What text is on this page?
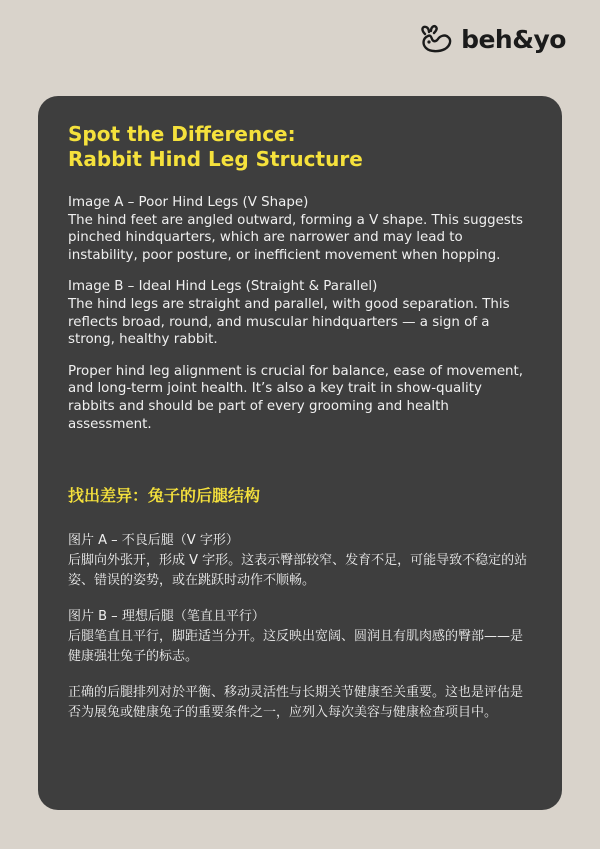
beh&yo
Spot the Difference:
Rabbit Hind Leg Structure

Image A – Poor Hind Legs (V Shape)
The hind feet are angled outward, forming a V shape. This suggests pinched hindquarters, which are narrower and may lead to instability, poor posture, or inefficient movement when hopping.

Image B – Ideal Hind Legs (Straight & Parallel)
The hind legs are straight and parallel, with good separation. This reflects broad, round, and muscular hindquarters — a sign of a strong, healthy rabbit.

Proper hind leg alignment is crucial for balance, ease of movement, and long-term joint health. It’s also a key trait in show-quality rabbits and should be part of every grooming and health assessment.

找出差异：兔子的后腿结构

图片 A – 不良后腿（V 字形）
后脚向外张开，形成 V 字形。这表示臀部较窄、发育不足，可能导致不稳定的站姿、错误的姿势，或在跳跃时动作不顺畅。

图片 B – 理想后腿（笔直且平行）
后腿笔直且平行，脚距适当分开。这反映出宽阔、圆润且有肌肉感的臀部——是健康强壮兔子的标志。

正确的后腿排列对於平衡、移动灵活性与长期关节健康至关重要。这也是评估是否为展兔或健康兔子的重要条件之一，应列入每次美容与健康检查项目中。
